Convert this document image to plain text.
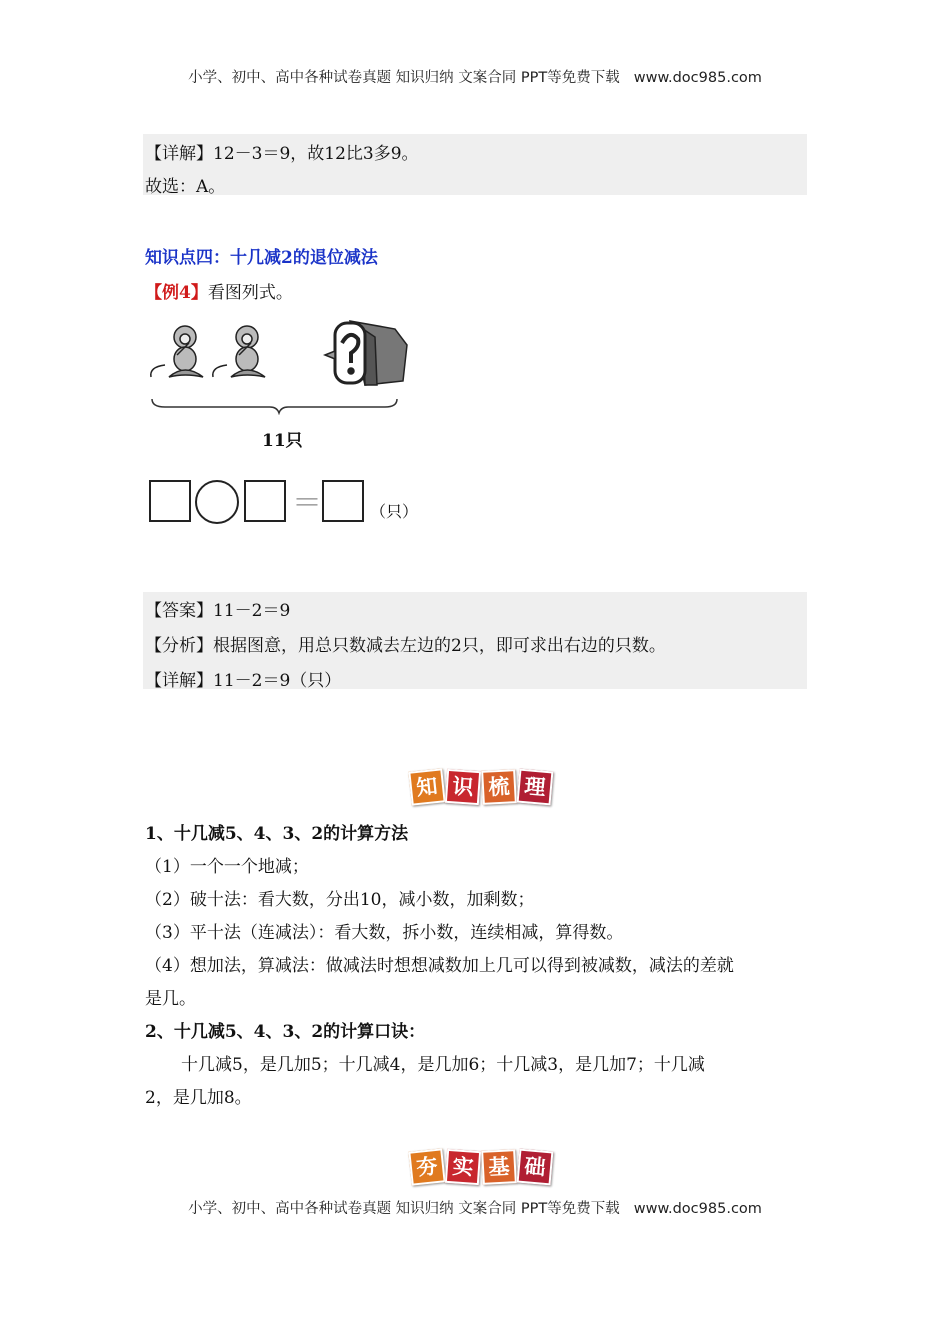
小学、初中、高中各种试卷真题 知识归纳 文案合同 PPT等免费下载 www.doc985.com
【详解】12－3＝9，故12比3多9。
故选：A。
知识点四：十几减2的退位减法
【例4】看图列式。
11只
＝	（只）
【答案】11－2＝9
【分析】根据图意，用总只数减去左边的2只，即可求出右边的只数。
【详解】11－2＝9（只）
知 识 梳 理
1、十几减5、4、3、2的计算方法
（1）一个一个地减；
（2）破十法：看大数，分出10，减小数，加剩数；
（3）平十法（连减法）：看大数，拆小数，连续相减，算得数。
（4）想加法，算减法：做减法时想想减数加上几可以得到被减数，减法的差就
是几。
2、十几减5、4、3、2的计算口诀：
十几减5，是几加5；十几减4，是几加6；十几减3，是几加7；十几减
2，是几加8。
夯 实 基 础
小学、初中、高中各种试卷真题 知识归纳 文案合同 PPT等免费下载 www.doc985.com
